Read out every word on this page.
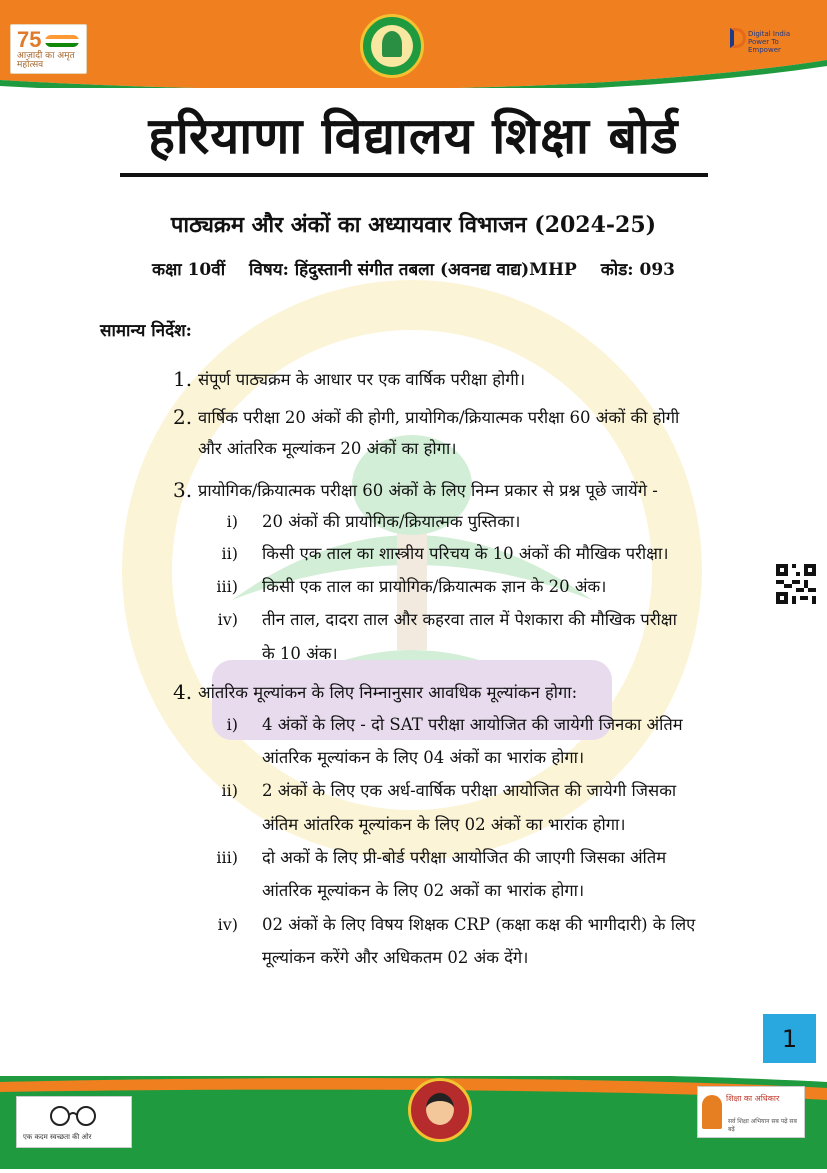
75
आज़ादी का अमृत महोत्सव
Digital India Power To Empower
हरियाणा विद्यालय शिक्षा बोर्ड
पाठ्यक्रम और अंकों का अध्यायवार विभाजन (2024-25)
कक्षा 10वीं विषय: हिंदुस्तानी संगीत तबला (अवनद्य वाद्य)MHP कोड: 093
सामान्य निर्देश:
1. संपूर्ण पाठ्यक्रम के आधार पर एक वार्षिक परीक्षा होगी।
2. वार्षिक परीक्षा 20 अंकों की होगी, प्रायोगिक/क्रियात्मक परीक्षा 60 अंकों की होगी
और आंतरिक मूल्यांकन 20 अंकों का होगा।
3. प्रायोगिक/क्रियात्मक परीक्षा 60 अंकों के लिए निम्न प्रकार से प्रश्न पूछे जायेंगे -
i) 20 अंकों की प्रायोगिक/क्रियात्मक पुस्तिका।
ii) किसी एक ताल का शास्त्रीय परिचय के 10 अंकों की मौखिक परीक्षा।
iii) किसी एक ताल का प्रायोगिक/क्रियात्मक ज्ञान के 20 अंक।
iv) तीन ताल, दादरा ताल और कहरवा ताल में पेशकारा की मौखिक परीक्षा
के 10 अंक।
4. आंतरिक मूल्यांकन के लिए निम्नानुसार आवधिक मूल्यांकन होगा:
i) 4 अंकों के लिए - दो SAT परीक्षा आयोजित की जायेगी जिनका अंतिम
आंतरिक मूल्यांकन के लिए 04 अंकों का भारांक होगा।
ii) 2 अंकों के लिए एक अर्ध-वार्षिक परीक्षा आयोजित की जायेगी जिसका
अंतिम आंतरिक मूल्यांकन के लिए 02 अंकों का भारांक होगा।
iii) दो अकों के लिए प्री-बोर्ड परीक्षा आयोजित की जाएगी जिसका अंतिम
आंतरिक मूल्यांकन के लिए 02 अकों का भारांक होगा।
iv) 02 अंकों के लिए विषय शिक्षक CRP (कक्षा कक्ष की भागीदारी) के लिए
मूल्यांकन करेंगे और अधिकतम 02 अंक देंगे।
1
एक कदम स्वच्छता की ओर
शिक्षा का अधिकार
सर्व शिक्षा अभियान सब पढ़ें सब बढ़ें
